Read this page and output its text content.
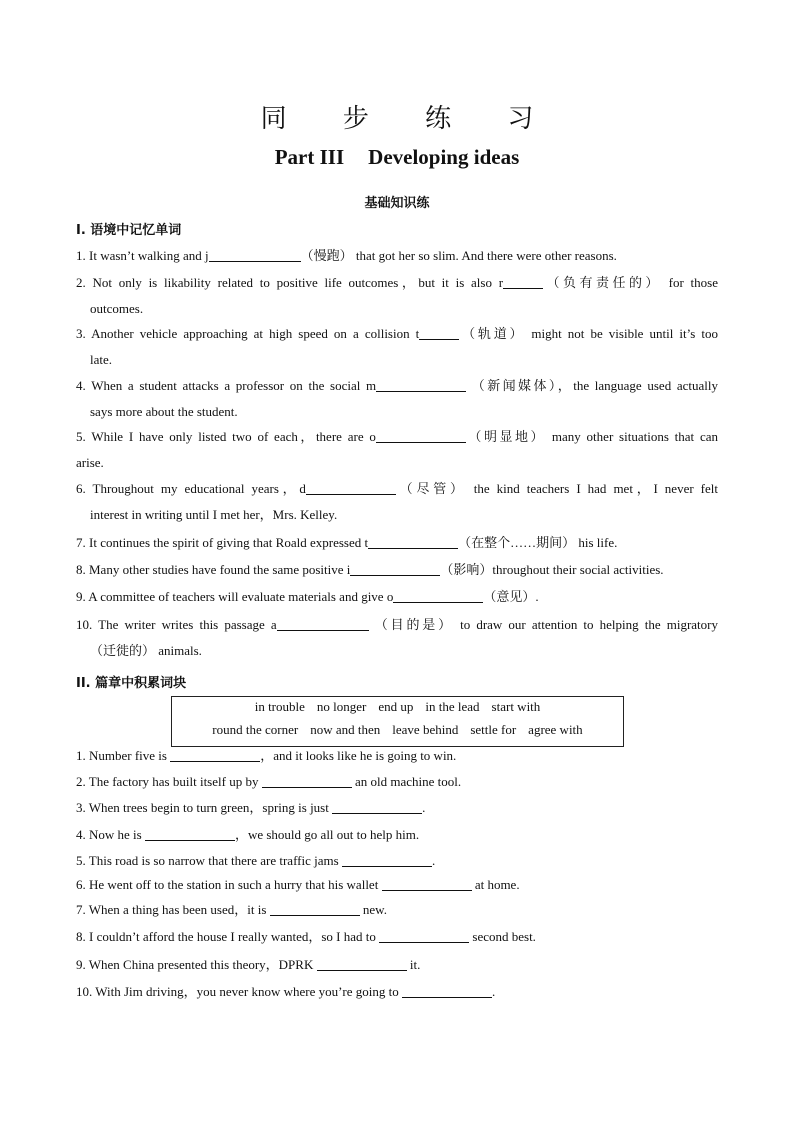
同 步 练 习
Part III Developing ideas
基础知识练
I. 语境中记忆单词
1. It wasn’t walking and j	（慢跑） that got her so slim. And there were other reasons.
2. Not only is likability related to positive life outcomes，but it is also r	（负有责任的） for those
outcomes.
3. Another vehicle approaching at high speed on a collision t	（轨道） might not be visible until it’s too
late.
4. When a student attacks a professor on the social m	（新闻媒体），the language used actually
says more about the student.
5. While I have only listed two of each，there are o	（明显地） many other situations that can
arise.
6. Throughout my educational years，d	（尽管） the kind teachers I had met，I never felt
interest in writing until I met her，Mrs. Kelley.
7. It continues the spirit of giving that Roald expressed t	（在整个……期间） his life.
8. Many other studies have found the same positive i	（影响）throughout their social activities.
9. A committee of teachers will evaluate materials and give o	（意见）.
10. The writer writes this passage a	（目的是） to draw our attention to helping the migratory
（迁徙的） animals.
II. 篇章中积累词块
in trouble no longer end up in the lead start with
round the corner now and then leave behind settle for agree with
1. Number five is	，and it looks like he is going to win.
2. The factory has built itself up by	an old machine tool.
3. When trees begin to turn green，spring is just	.
4. Now he is	，we should go all out to help him.
5. This road is so narrow that there are traffic jams	.
6. He went off to the station in such a hurry that his wallet	at home.
7. When a thing has been used，it is	new.
8. I couldn’t afford the house I really wanted，so I had to	second best.
9. When China presented this theory，DPRK	it.
10. With Jim driving，you never know where you’re going to	.
